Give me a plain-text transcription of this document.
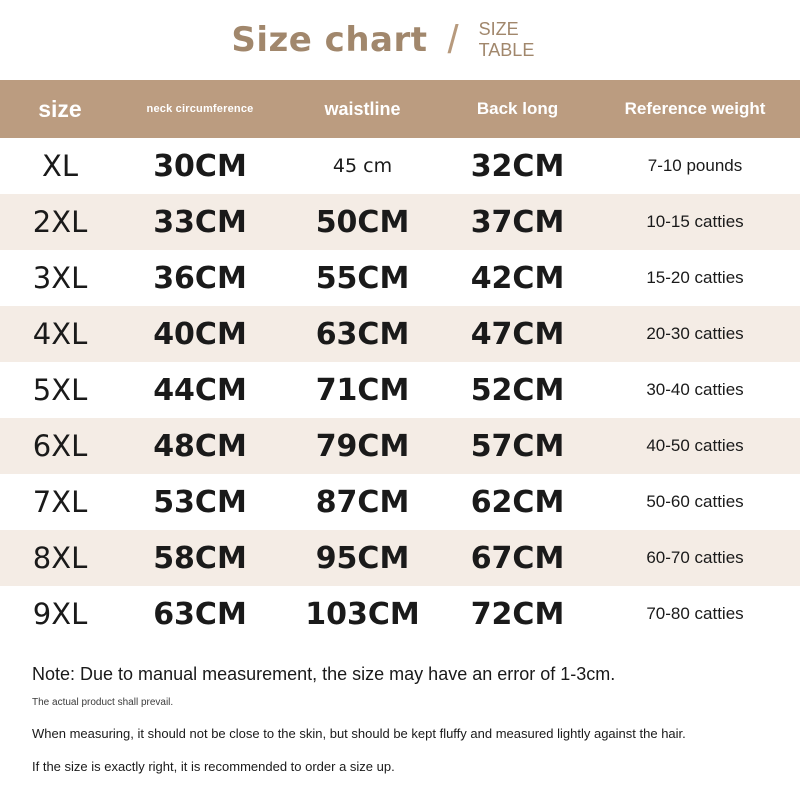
Size chart / SIZE TABLE
size	neck circumference	waistline	Back long	Reference weight
XL	30CM	45 cm	32CM	7-10 pounds
2XL	33CM	50CM	37CM	10-15 catties
3XL	36CM	55CM	42CM	15-20 catties
4XL	40CM	63CM	47CM	20-30 catties
5XL	44CM	71CM	52CM	30-40 catties
6XL	48CM	79CM	57CM	40-50 catties
7XL	53CM	87CM	62CM	50-60 catties
8XL	58CM	95CM	67CM	60-70 catties
9XL	63CM	103CM	72CM	70-80 catties
Note: Due to manual measurement, the size may have an error of 1-3cm.
The actual product shall prevail.
When measuring, it should not be close to the skin, but should be kept fluffy and measured lightly against the hair.
If the size is exactly right, it is recommended to order a size up.
